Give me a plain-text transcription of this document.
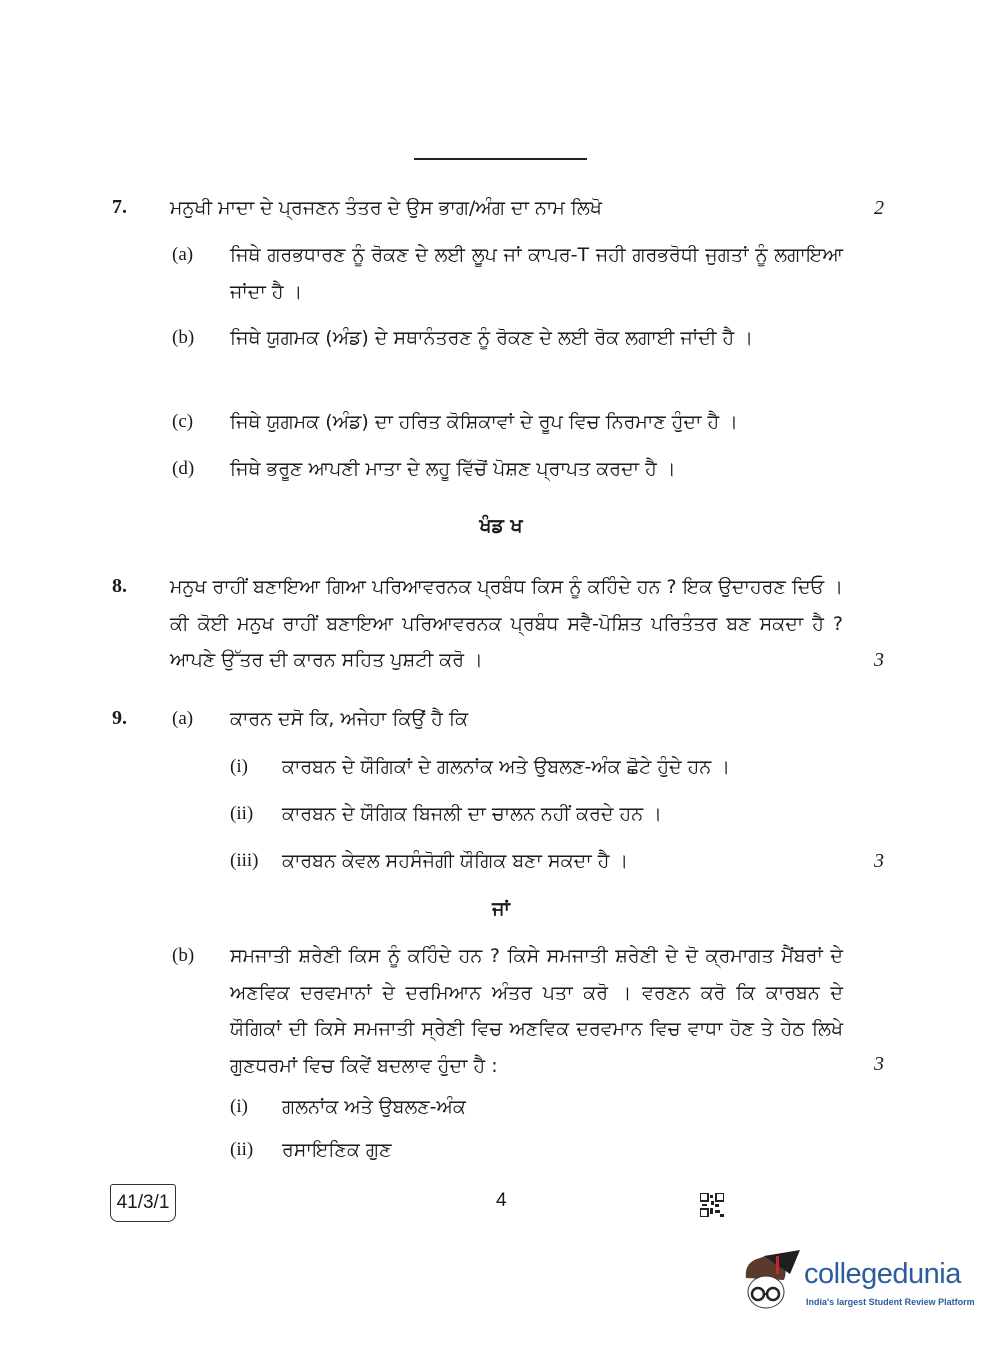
7. ਮਨੁਖੀ ਮਾਦਾ ਦੇ ਪ੍ਰਜਣਨ ਤੰਤਰ ਦੇ ਉਸ ਭਾਗ/ਅੰਗ ਦਾ ਨਾਮ ਲਿਖੋ	2
(a) ਜਿਥੇ ਗਰਭਧਾਰਣ ਨੂੰ ਰੋਕਣ ਦੇ ਲਈ ਲੂਪ ਜਾਂ ਕਾਪਰ-T ਜਹੀ ਗਰਭਰੋਧੀ ਜੁਗਤਾਂ ਨੂੰ ਲਗਾਇਆ ਜਾਂਦਾ ਹੈ ।
(b) ਜਿਥੇ ਯੁਗਮਕ (ਅੰਡ) ਦੇ ਸਥਾਨੰਤਰਣ ਨੂੰ ਰੋਕਣ ਦੇ ਲਈ ਰੋਕ ਲਗਾਈ ਜਾਂਦੀ ਹੈ ।
(c) ਜਿਥੇ ਯੁਗਮਕ (ਅੰਡ) ਦਾ ਹਰਿਤ ਕੋਸ਼ਿਕਾਵਾਂ ਦੇ ਰੂਪ ਵਿਚ ਨਿਰਮਾਣ ਹੁੰਦਾ ਹੈ ।
(d) ਜਿਥੇ ਭਰੂਣ ਆਪਣੀ ਮਾਤਾ ਦੇ ਲਹੂ ਵਿੱਚੋਂ ਪੋਸ਼ਣ ਪ੍ਰਾਪਤ ਕਰਦਾ ਹੈ ।
ਖੰਡ ਖ
8. ਮਨੁਖ ਰਾਹੀਂ ਬਣਾਇਆ ਗਿਆ ਪਰਿਆਵਰਨਕ ਪ੍ਰਬੰਧ ਕਿਸ ਨੂੰ ਕਹਿੰਦੇ ਹਨ ? ਇਕ ਉਦਾਹਰਣ ਦਿਓ । ਕੀ ਕੋਈ ਮਨੁਖ ਰਾਹੀਂ ਬਣਾਇਆ ਪਰਿਆਵਰਨਕ ਪ੍ਰਬੰਧ ਸਵੈ-ਪੋਸ਼ਿਤ ਪਰਿਤੰਤਰ ਬਣ ਸਕਦਾ ਹੈ ? ਆਪਣੇ ਉੱਤਰ ਦੀ ਕਾਰਨ ਸਹਿਤ ਪੁਸ਼ਟੀ ਕਰੋ ।	3
9. (a) ਕਾਰਨ ਦਸੋ ਕਿ, ਅਜੇਹਾ ਕਿਉਂ ਹੈ ਕਿ
(i) ਕਾਰਬਨ ਦੇ ਯੌਗਿਕਾਂ ਦੇ ਗਲਨਾਂਕ ਅਤੇ ਉਬਲਣ-ਅੰਕ ਛੋਟੇ ਹੁੰਦੇ ਹਨ ।
(ii) ਕਾਰਬਨ ਦੇ ਯੌਗਿਕ ਬਿਜਲੀ ਦਾ ਚਾਲਨ ਨਹੀਂ ਕਰਦੇ ਹਨ ।
(iii) ਕਾਰਬਨ ਕੇਵਲ ਸਹਸੰਜੋਗੀ ਯੌਗਿਕ ਬਣਾ ਸਕਦਾ ਹੈ ।	3
ਜਾਂ
(b) ਸਮਜਾਤੀ ਸ਼ਰੇਣੀ ਕਿਸ ਨੂੰ ਕਹਿੰਦੇ ਹਨ ? ਕਿਸੇ ਸਮਜਾਤੀ ਸ਼ਰੇਣੀ ਦੇ ਦੋ ਕ੍ਰਮਾਗਤ ਮੈਂਬਰਾਂ ਦੇ ਅਣਵਿਕ ਦਰਵਮਾਨਾਂ ਦੇ ਦਰਮਿਆਨ ਅੰਤਰ ਪਤਾ ਕਰੋ । ਵਰਣਨ ਕਰੋ ਕਿ ਕਾਰਬਨ ਦੇ ਯੌਗਿਕਾਂ ਦੀ ਕਿਸੇ ਸਮਜਾਤੀ ਸ੍ਰੇਣੀ ਵਿਚ ਅਣਵਿਕ ਦਰਵਮਾਨ ਵਿਚ ਵਾਧਾ ਹੋਣ ਤੇ ਹੇਠ ਲਿਖੇ ਗੁਣਧਰਮਾਂ ਵਿਚ ਕਿਵੇਂ ਬਦਲਾਵ ਹੁੰਦਾ ਹੈ :	3
(i) ਗਲਨਾਂਕ ਅਤੇ ਉਬਲਣ-ਅੰਕ
(ii) ਰਸਾਇਣਿਕ ਗੁਣ
41/3/1	4
collegedunia
India's largest Student Review Platform
